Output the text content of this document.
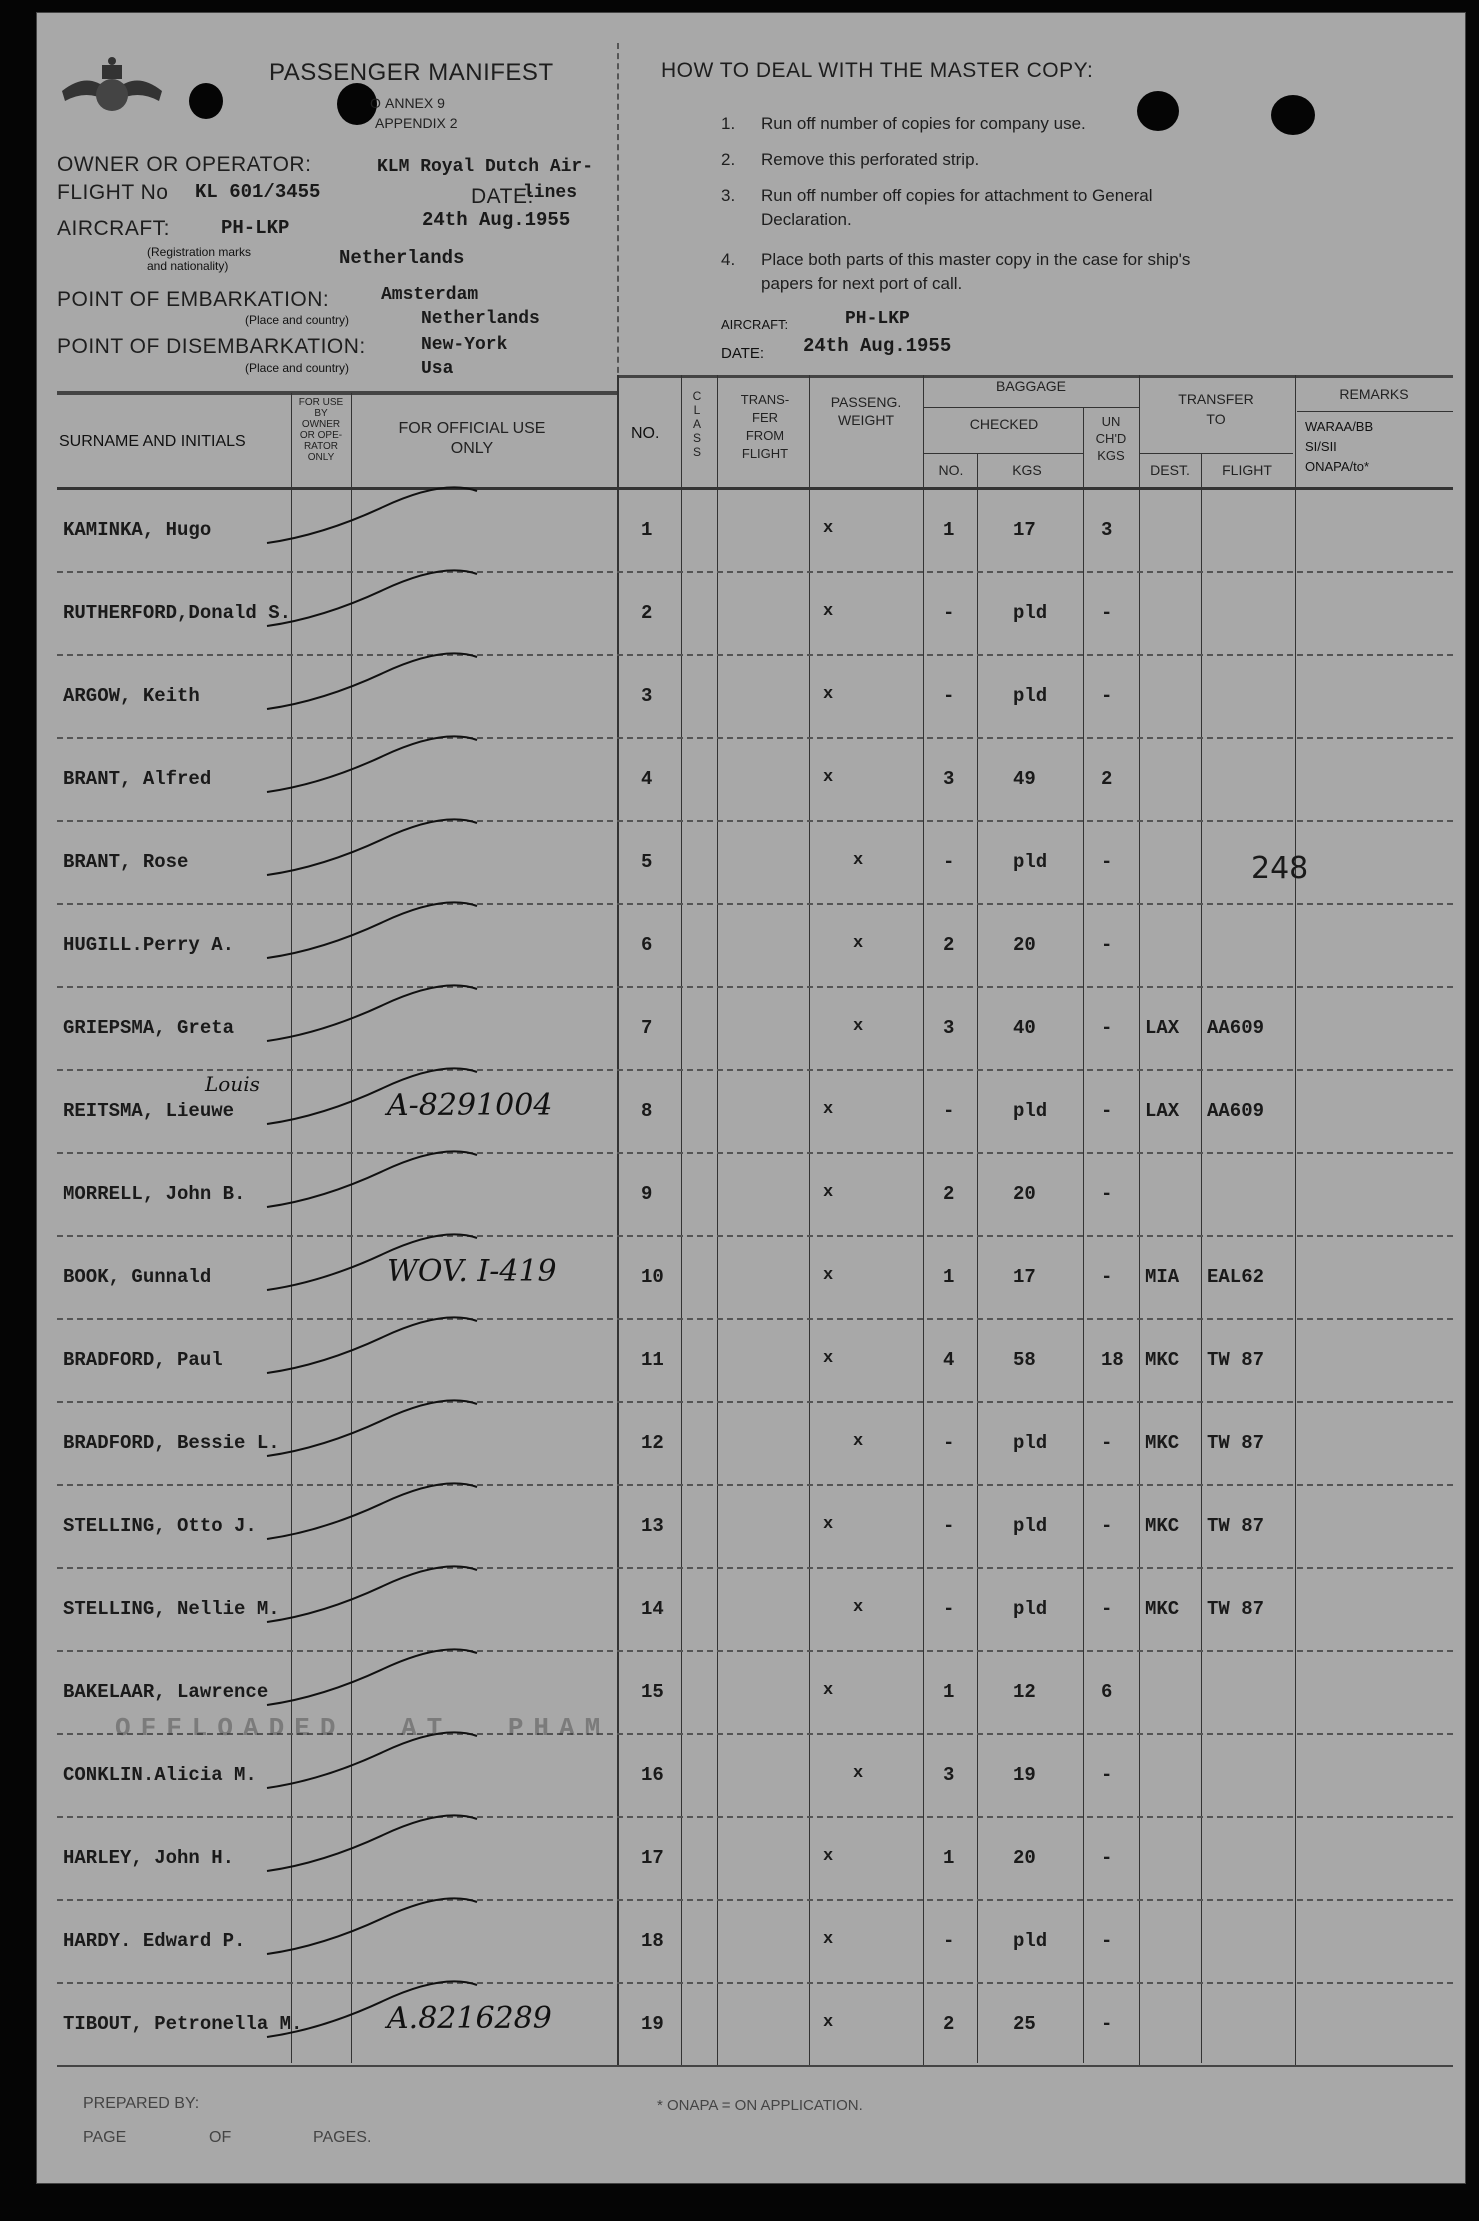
PASSENGER MANIFEST
O ANNEX 9
APPENDIX 2
OWNER OR OPERATOR:	KLM Royal Dutch Air-
FLIGHT No KL 601/3455	DATE:
lines
24th Aug.1955
AIRCRAFT:	PH-LKP
(Registration marks
and nationality)	Netherlands
POINT OF EMBARKATION:	Amsterdam
(Place and country)	Netherlands
POINT OF DISEMBARKATION:	New-York
(Place and country)	Usa
HOW TO DEAL WITH THE MASTER COPY:
1. Run off number of copies for company use.
2. Remove this perforated strip.
3. Run off number off copies for attachment to General
Declaration.
4. Place both parts of this master copy in the case for ship's
papers for next port of call.
AIRCRAFT:	PH-LKP
DATE: 24th Aug.1955
SURNAME AND INITIALS
FOR USE
BY
OWNER
OR OPE-
RATOR
ONLY
FOR OFFICIAL USE
ONLY
NO.
C
L
A
S
S
TRANS-
FER
FROM
FLIGHT
PASSENG.
WEIGHT
BAGGAGE
CHECKED
NO.	KGS
UN
CH'D
KGS
TRANSFER
TO
DEST.	FLIGHT
REMARKS
WARAA/BB
SI/SII
ONAPA/to*
KAMINKA, Hugo	1	x	1	17	3
RUTHERFORD,Donald S.	2	x	-	pld	-
ARGOW, Keith	3	x	-	pld	-
BRANT, Alfred	4	x	3	49	2
BRANT, Rose	5	x	-	pld	-	248
HUGILL.Perry A.	6	x	2	20	-
GRIEPSMA, Greta	7	x	3	40	- LAX AA609
REITSMA, Lieuwe	A-8291004	8	x	-	pld	- LAX AA609
Louis
MORRELL, John B.	9	x	2	20	-
BOOK, Gunnald	WOV. I-419	10	x	1	17	- MIA EAL62
BRADFORD, Paul	11	x	4	58	18 MKC TW 87
BRADFORD, Bessie L.	12	x	-	pld	- MKC TW 87
STELLING, Otto J.	13	x	-	pld	- MKC TW 87
STELLING, Nellie M.	14	x	-	pld	- MKC TW 87
BAKELAAR, Lawrence	15	x	1	12	6
CONKLIN.Alicia M.	16	x	3	19	-
HARLEY, John H.	17	x	1	20	-
HARDY. Edward P.	18	x	-	pld	-
TIBOUT, Petronella M.	A.8216289	19	x	2	25	-
OFFLOADED AT PHAM
PREPARED BY:
PAGE	OF	PAGES.
* ONAPA = ON APPLICATION.
